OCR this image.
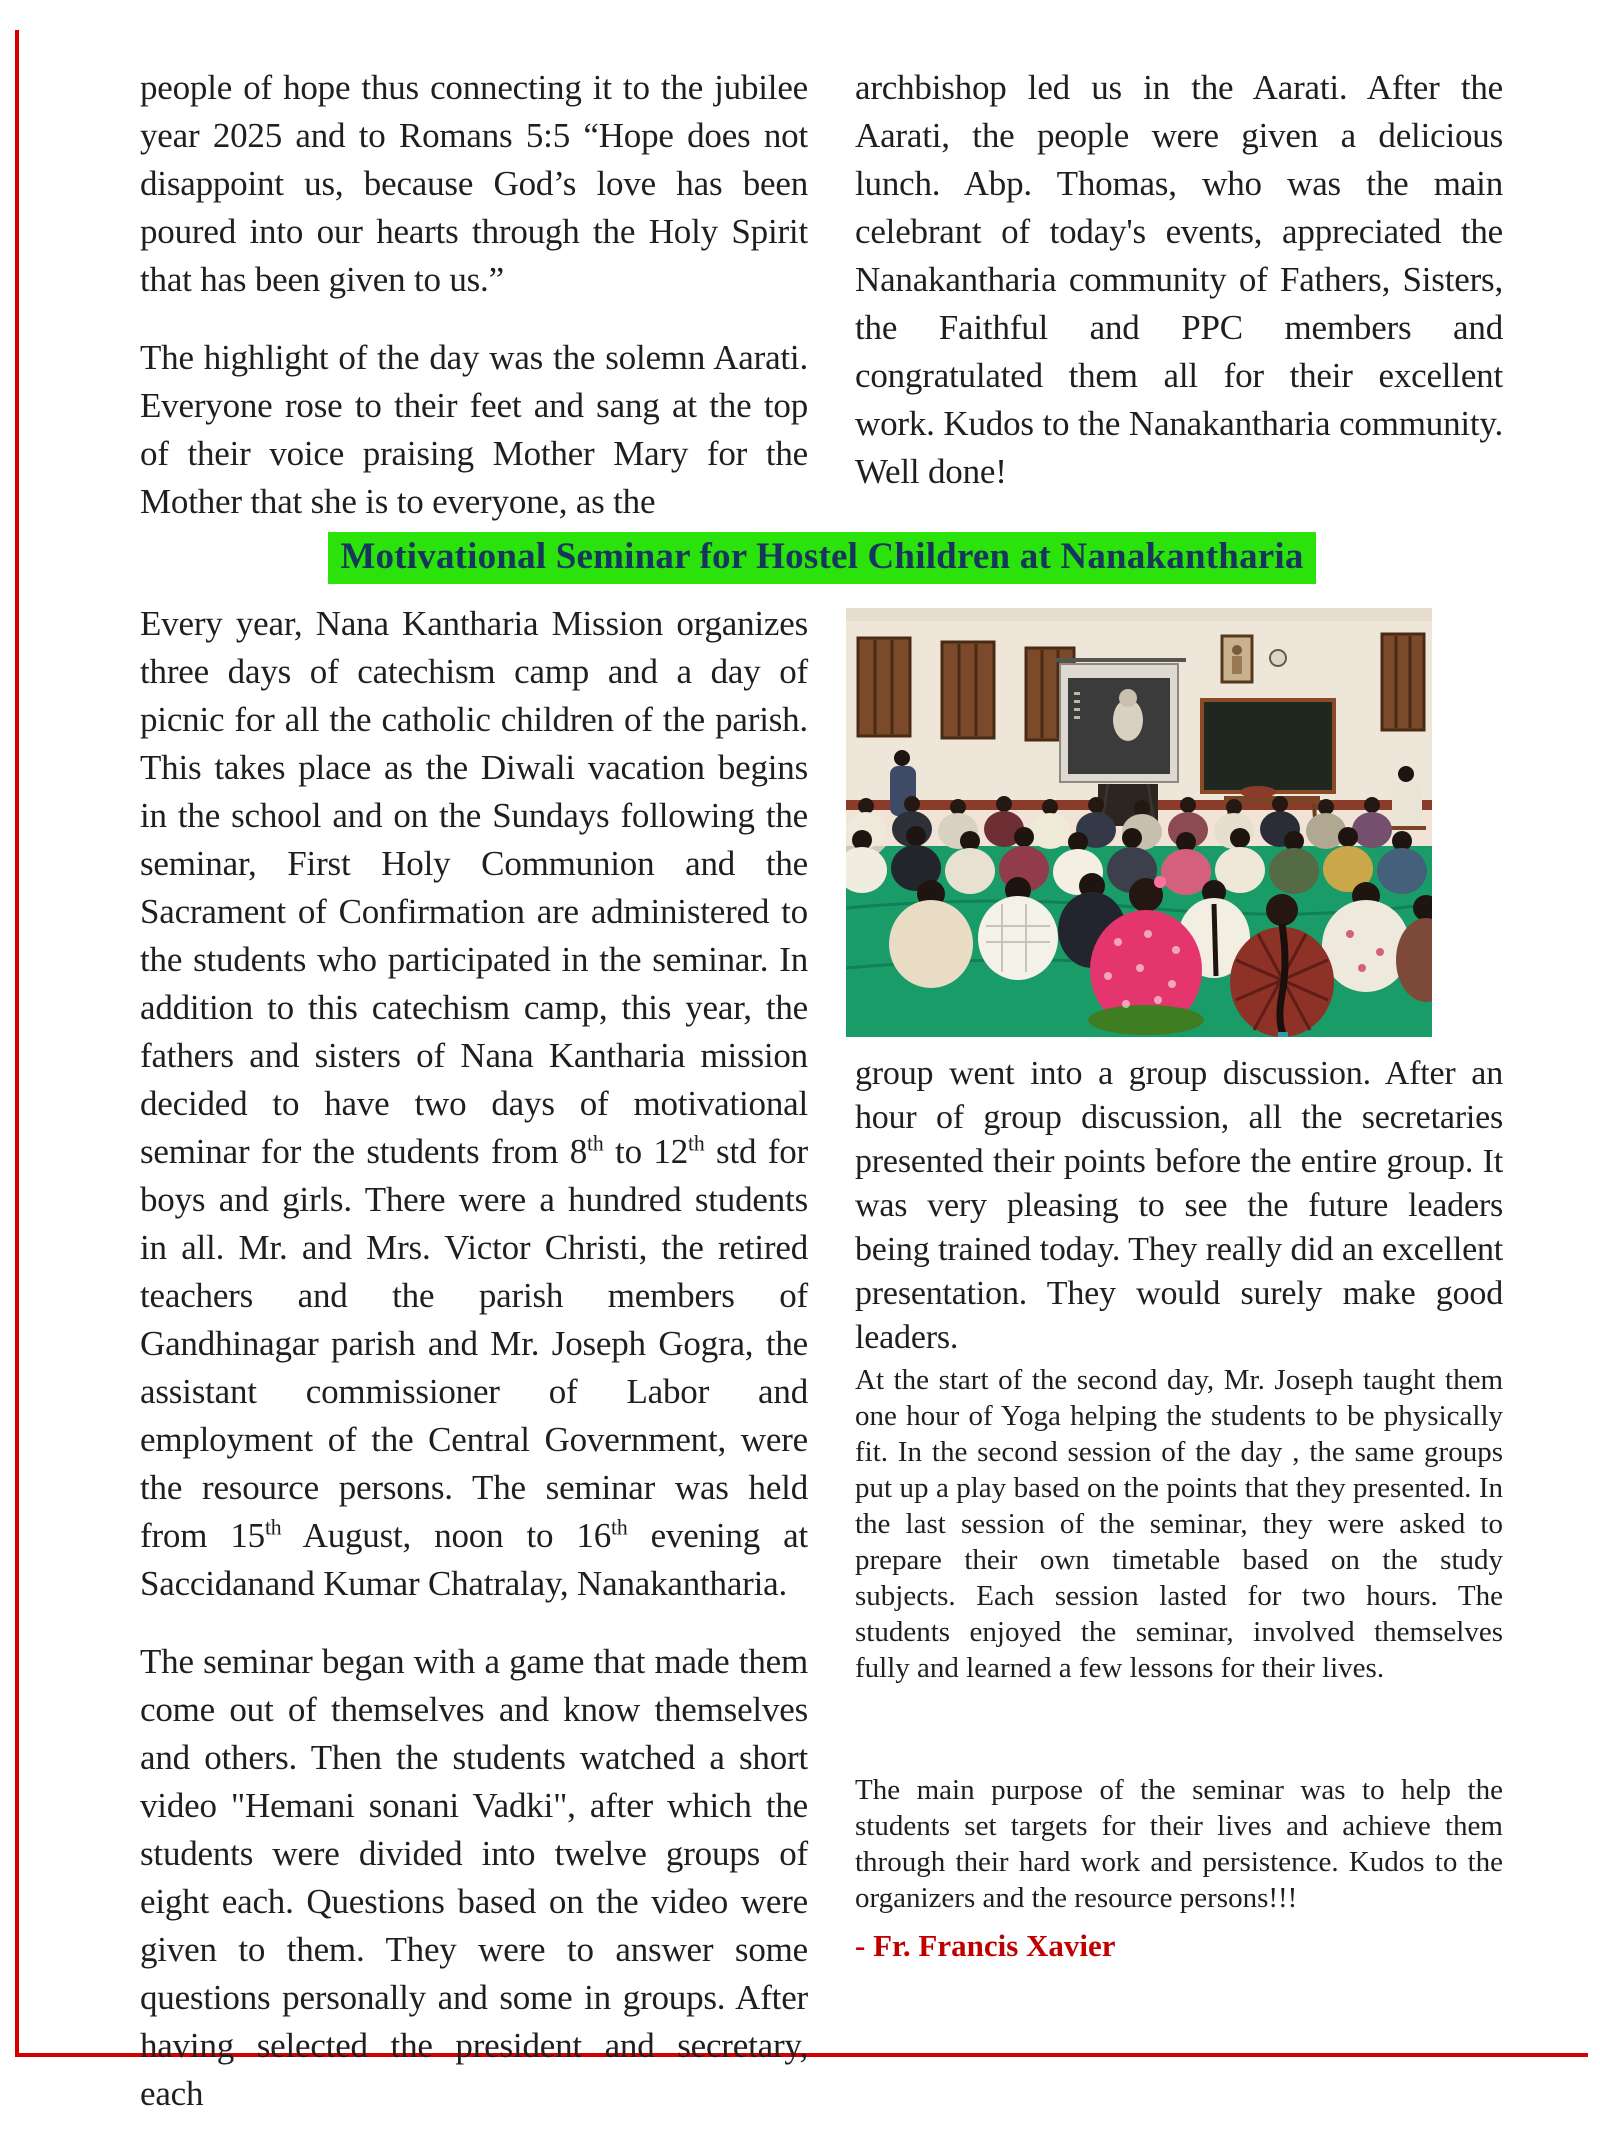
people of hope thus connecting it to the jubilee year 2025 and to Romans 5:5 “Hope does not disappoint us, because God’s love has been poured into our hearts through the Holy Spirit that has been given to us.”

The highlight of the day was the solemn Aarati. Everyone rose to their feet and sang at the top of their voice praising Mother Mary for the Mother that she is to everyone, as the

archbishop led us in the Aarati. After the Aarati, the people were given a delicious lunch. Abp. Thomas, who was the main celebrant of today's events, appreciated the Nanakantharia community of Fathers, Sisters, the Faithful and PPC members and congratulated them all for their excellent work. Kudos to the Nanakantharia community. Well done!

Motivational Seminar for Hostel Children at Nanakantharia

Every year, Nana Kantharia Mission organizes three days of catechism camp and a day of picnic for all the catholic children of the parish. This takes place as the Diwali vacation begins in the school and on the Sundays following the seminar, First Holy Communion and the Sacrament of Confirmation are administered to the students who participated in the seminar. In addition to this catechism camp, this year, the fathers and sisters of Nana Kantharia mission decided to have two days of motivational seminar for the students from 8th to 12th std for boys and girls. There were a hundred students in all. Mr. and Mrs. Victor Christi, the retired teachers and the parish members of Gandhinagar parish and Mr. Joseph Gogra, the assistant commissioner of Labor and employment of the Central Government, were the resource persons. The seminar was held from 15th August, noon to 16th evening at Saccidanand Kumar Chatralay, Nanakantharia.

The seminar began with a game that made them come out of themselves and know themselves and others. Then the students watched a short video "Hemani sonani Vadki", after which the students were divided into twelve groups of eight each. Questions based on the video were given to them. They were to answer some questions personally and some in groups. After having selected the president and secretary, each

group went into a group discussion. After an hour of group discussion, all the secretaries presented their points before the entire group. It was very pleasing to see the future leaders being trained today. They really did an excellent presentation. They would surely make good leaders.

At the start of the second day, Mr. Joseph taught them one hour of Yoga helping the students to be physically fit. In the second session of the day , the same groups put up a play based on the points that they presented. In the last session of the seminar, they were asked to prepare their own timetable based on the study subjects. Each session lasted for two hours. The students enjoyed the seminar, involved themselves fully and learned a few lessons for their lives.

The main purpose of the seminar was to help the students set targets for their lives and achieve them through their hard work and persistence. Kudos to the organizers and the resource persons!!!

- Fr. Francis Xavier
